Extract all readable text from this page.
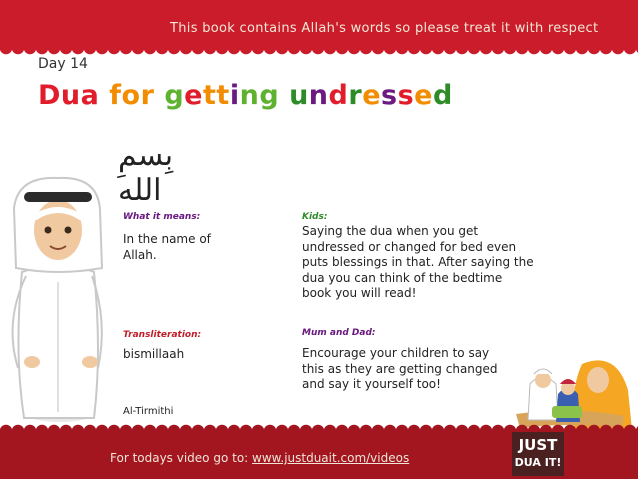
This book contains Allah's words so please treat it with respect
Day 14
Dua for getting undressed
بِسمِ الله
What it means:
In the name of Allah.
Transliteration:
bismillaah
Al-Tirmithi
Kids:
Saying the dua when you get undressed or changed for bed even puts blessings in that. After saying the dua you can think of the bedtime book you will read!
Mum and Dad:
Encourage your children to say this as they are getting changed and say it yourself too!
For todays video go to: www.justduait.com/videos
JUST
DUA IT!
